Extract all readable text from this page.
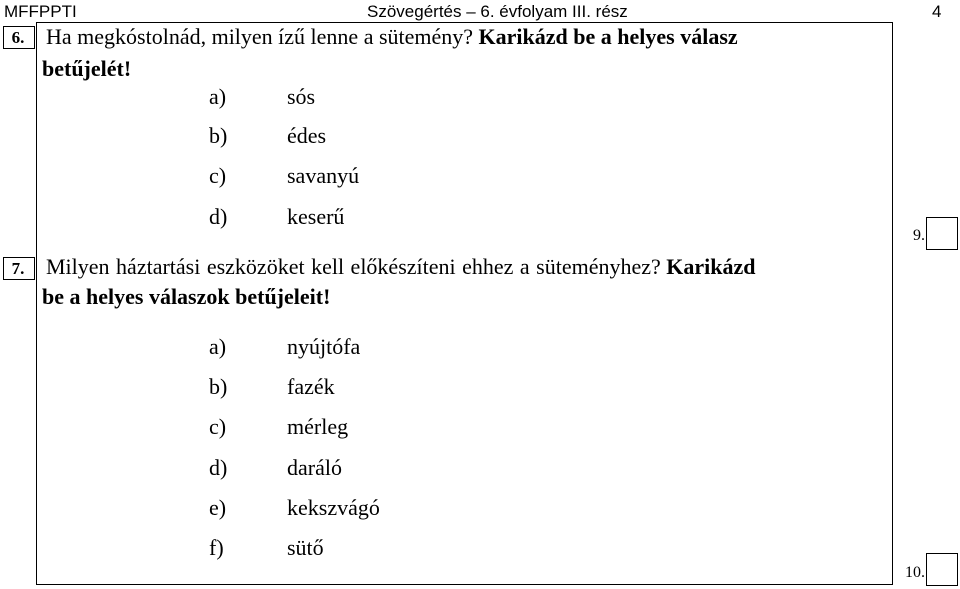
MFFPPTI	Szövegértés – 6. évfolyam III. rész	4
6. Ha megkóstolnád, milyen ízű lenne a sütemény? Karikázd be a helyes válasz
betűjelét!
a)	sós
b)	édes
c)	savanyú
d)	keserű
9.
7. Milyen háztartási eszközöket kell előkészíteni ehhez a süteményhez? Karikázd
be a helyes válaszok betűjeleit!
a)	nyújtófa
b)	fazék
c)	mérleg
d)	daráló
e)	kekszvágó
f)	sütő
10.
